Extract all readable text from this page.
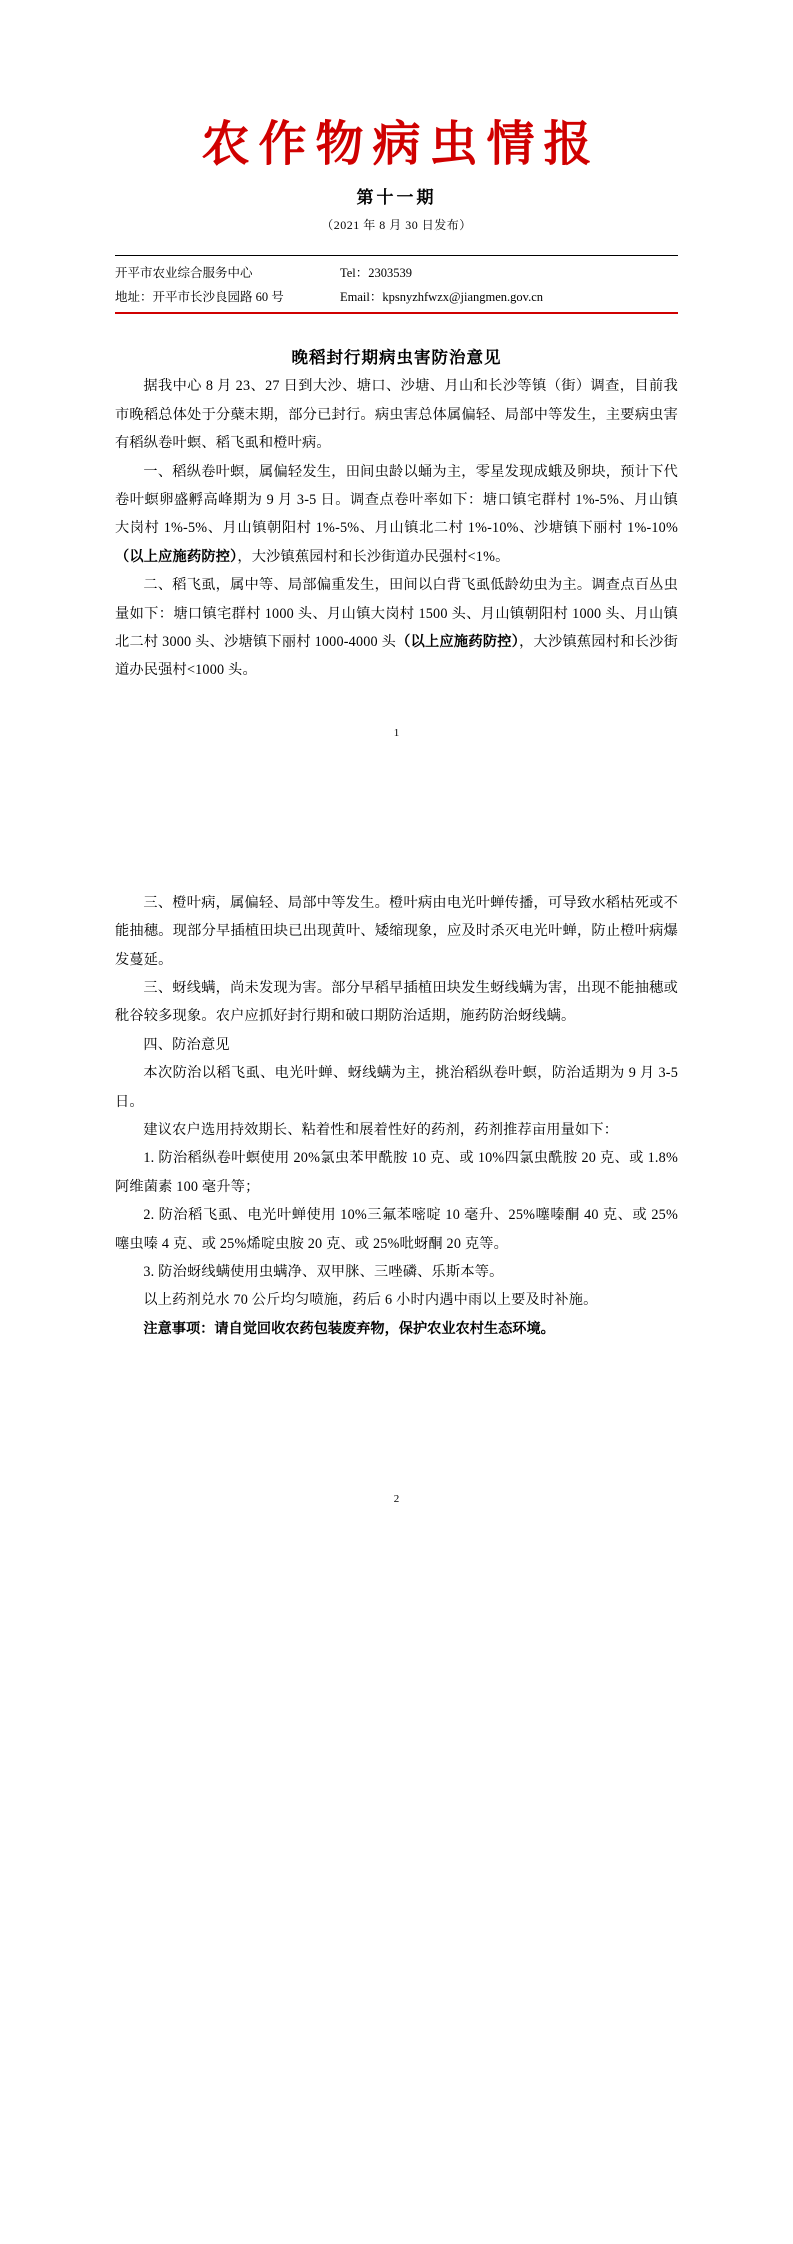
农作物病虫情报
第十一期
（2021 年 8 月 30 日发布）
开平市农业综合服务中心	Tel：2303539
地址：开平市长沙良园路 60 号	Email：kpsnyzhfwzx@jiangmen.gov.cn
晚稻封行期病虫害防治意见

据我中心 8 月 23、27 日到大沙、塘口、沙塘、月山和长沙等镇（街）调查，目前我市晚稻总体处于分蘖末期，部分已封行。病虫害总体属偏轻、局部中等发生，主要病虫害有稻纵卷叶螟、稻飞虱和橙叶病。

一、稻纵卷叶螟，属偏轻发生，田间虫龄以蛹为主，零星发现成蛾及卵块，预计下代卷叶螟卵盛孵高峰期为 9 月 3-5 日。调查点卷叶率如下：塘口镇宅群村 1%-5%、月山镇大岗村 1%-5%、月山镇朝阳村 1%-5%、月山镇北二村 1%-10%、沙塘镇下丽村 1%-10%（以上应施药防控），大沙镇蕉园村和长沙街道办民强村<1%。

二、稻飞虱，属中等、局部偏重发生，田间以白背飞虱低龄幼虫为主。调查点百丛虫量如下：塘口镇宅群村 1000 头、月山镇大岗村 1500 头、月山镇朝阳村 1000 头、月山镇北二村 3000 头、沙塘镇下丽村 1000-4000 头（以上应施药防控），大沙镇蕉园村和长沙街道办民强村<1000 头。

1

三、橙叶病，属偏轻、局部中等发生。橙叶病由电光叶蝉传播，可导致水稻枯死或不能抽穗。现部分早插植田块已出现黄叶、矮缩现象，应及时杀灭电光叶蝉，防止橙叶病爆发蔓延。

三、蚜线螨，尚未发现为害。部分早稻早插植田块发生蚜线螨为害，出现不能抽穗或秕谷较多现象。农户应抓好封行期和破口期防治适期，施药防治蚜线螨。

四、防治意见

本次防治以稻飞虱、电光叶蝉、蚜线螨为主，挑治稻纵卷叶螟，防治适期为 9 月 3-5 日。

建议农户选用持效期长、粘着性和展着性好的药剂，药剂推荐亩用量如下：

1. 防治稻纵卷叶螟使用 20%氯虫苯甲酰胺 10 克、或 10%四氯虫酰胺 20 克、或 1.8%阿维菌素 100 毫升等；

2. 防治稻飞虱、电光叶蝉使用 10%三氟苯嘧啶 10 毫升、25%噻嗪酮 40 克、或 25%噻虫嗪 4 克、或 25%烯啶虫胺 20 克、或 25%吡蚜酮 20 克等。

3. 防治蚜线螨使用虫螨净、双甲脒、三唑磷、乐斯本等。

以上药剂兑水 70 公斤均匀喷施，药后 6 小时内遇中雨以上要及时补施。

注意事项：请自觉回收农药包装废弃物，保护农业农村生态环境。

2
